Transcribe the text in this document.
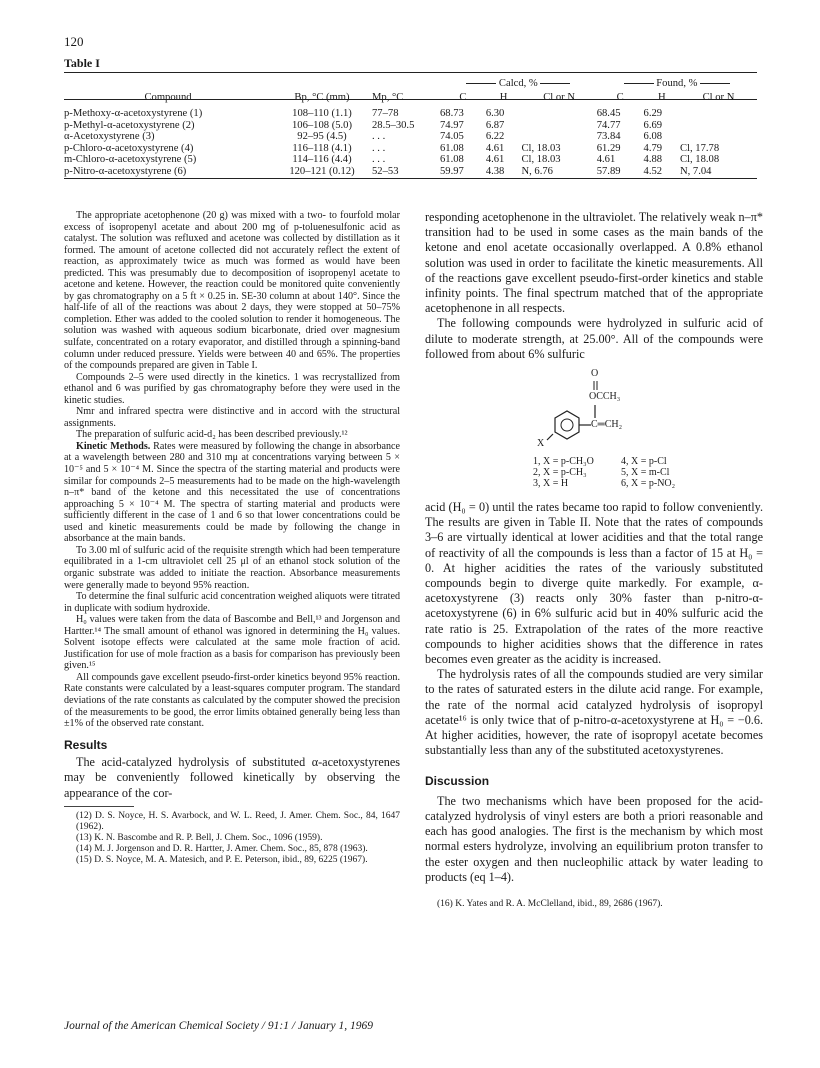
120
Table I
			Calcd, %			Found, %		
Compound	Bp, °C (mm)	Mp, °C	C	H	Cl or N	C	H	Cl or N
p-Methoxy-α-acetoxystyrene (1)	108–110 (1.1)	77–78	68.73	6.30		68.45	6.29	
p-Methyl-α-acetoxystyrene (2)	106–108 (5.0)	28.5–30.5	74.97	6.87		74.77	6.69	
α-Acetoxystyrene (3)	92–95 (4.5)	. . .	74.05	6.22		73.84	6.08	
p-Chloro-α-acetoxystyrene (4)	116–118 (4.1)	. . .	61.08	4.61	Cl, 18.03	61.29	4.79	Cl, 17.78
m-Chloro-α-acetoxystyrene (5)	114–116 (4.4)	. . .	61.08	4.61	Cl, 18.03	4.61	4.88	Cl, 18.08
p-Nitro-α-acetoxystyrene (6)	120–121 (0.12)	52–53	59.97	4.38	N, 6.76	57.89	4.52	N, 7.04

The appropriate acetophenone (20 g) was mixed with a two- to fourfold molar excess of isopropenyl acetate and about 200 mg of p-toluenesulfonic acid as catalyst. The solution was refluxed and acetone was collected by distillation as it formed. The amount of acetone collected did not accurately reflect the extent of reaction, as approximately twice as much was formed as would have been predicted. This was presumably due to decomposition of isopropenyl acetate to acetone and ketene. However, the reaction could be monitored quite conveniently by gas chromatography on a 5 ft × 0.25 in. SE-30 column at about 140°. Since the half-life of all of the reactions was about 2 days, they were stopped at 50–75% completion. Ether was added to the cooled solution to render it homogeneous. The solution was washed with aqueous sodium bicarbonate, dried over magnesium sulfate, concentrated on a rotary evaporator, and distilled through a spinning-band column under reduced pressure. Yields were between 40 and 65%. The properties of the compounds prepared are given in Table I.

Compounds 2–5 were used directly in the kinetics. 1 was recrystallized from ethanol and 6 was purified by gas chromatography before they were used in the kinetic studies.

Nmr and infrared spectra were distinctive and in accord with the structural assignments.

The preparation of sulfuric acid-d₂ has been described previously.¹²

Kinetic Methods. Rates were measured by following the change in absorbance at a wavelength between 280 and 310 mμ at concentrations varying between 5 × 10⁻⁵ and 5 × 10⁻⁴ M. Since the spectra of the starting material and products were similar for compounds 2–5 measurements had to be made on the high-wavelength n–π* band of the ketone and this necessitated the use of concentrations approaching 5 × 10⁻⁴ M. The spectra of starting material and products were sufficiently different in the case of 1 and 6 so that lower concentrations could be used and kinetic measurements could be made by following the change in absorbance at the main bands.

To 3.00 ml of sulfuric acid of the requisite strength which had been temperature equilibrated in a 1-cm ultraviolet cell 25 μl of an ethanol stock solution of the organic substrate was added to initiate the reaction. Absorbance measurements were generally made to beyond 95% reaction.

To determine the final sulfuric acid concentration weighed aliquots were titrated in duplicate with sodium hydroxide.

H₀ values were taken from the data of Bascombe and Bell,¹³ and Jorgenson and Hartter.¹⁴ The small amount of ethanol was ignored in determining the H₀ values. Solvent isotope effects were calculated at the same mole fraction of acid. Justification for use of mole fraction as a basis for comparison has previously been given.¹⁵

All compounds gave excellent pseudo-first-order kinetics beyond 95% reaction. Rate constants were calculated by a least-squares computer program. The standard deviations of the rate constants as calculated by the computer showed the precision of the measurements to be good, the error limits obtained generally being less than ±1% of the observed rate constant.

Results

The acid-catalyzed hydrolysis of substituted α-acetoxystyrenes may be conveniently followed kinetically by observing the appearance of the cor-

(12) D. S. Noyce, H. S. Avarbock, and W. L. Reed, J. Amer. Chem. Soc., 84, 1647 (1962).

(13) K. N. Bascombe and R. P. Bell, J. Chem. Soc., 1096 (1959).

(14) M. J. Jorgenson and D. R. Hartter, J. Amer. Chem. Soc., 85, 878 (1963).

(15) D. S. Noyce, M. A. Matesich, and P. E. Peterson, ibid., 89, 6225 (1967).

responding acetophenone in the ultraviolet. The relatively weak n–π* transition had to be used in some cases as the main bands of the ketone and enol acetate occasionally overlapped. A 0.8% ethanol solution was used in order to facilitate the kinetic measurements. All of the reactions gave excellent pseudo-first-order kinetics and stable infinity points. The final spectrum matched that of the appropriate acetophenone in all respects.

The following compounds were hydrolyzed in sulfuric acid of dilute to moderate strength, at 25.00°. All of the compounds were followed from about 6% sulfuric

O
OCCH₃
C═CH₂
X
1, X = p-CH₃O
2, X = p-CH₃
3, X = H
4, X = p-Cl
5, X = m-Cl
6, X = p-NO₂

acid (H₀ = 0) until the rates became too rapid to follow conveniently. The results are given in Table II. Note that the rates of compounds 3–6 are virtually identical at lower acidities and that the total range of reactivity of all the compounds is less than a factor of 15 at H₀ = 0. At higher acidities the rates of the variously substituted compounds begin to diverge quite markedly. For example, α-acetoxystyrene (3) reacts only 30% faster than p-nitro-α-acetoxystyrene (6) in 6% sulfuric acid but in 40% sulfuric acid the rate ratio is 25. Extrapolation of the rates of the more reactive compounds to higher acidities shows that the difference in rates becomes even greater as the acidity is increased.

The hydrolysis rates of all the compounds studied are very similar to the rates of saturated esters in the dilute acid range. For example, the rate of the normal acid catalyzed hydrolysis of isopropyl acetate¹⁶ is only twice that of p-nitro-α-acetoxystyrene at H₀ = −0.6. At higher acidities, however, the rate of isopropyl acetate becomes substantially less than any of the substituted acetoxystyrenes.

Discussion

The two mechanisms which have been proposed for the acid-catalyzed hydrolysis of vinyl esters are both a priori reasonable and each has good analogies. The first is the mechanism by which most normal esters hydrolyze, involving an equilibrium proton transfer to the ester oxygen and then nucleophilic attack by water leading to products (eq 1–4).

(16) K. Yates and R. A. McClelland, ibid., 89, 2686 (1967).

Journal of the American Chemical Society / 91:1 / January 1, 1969
